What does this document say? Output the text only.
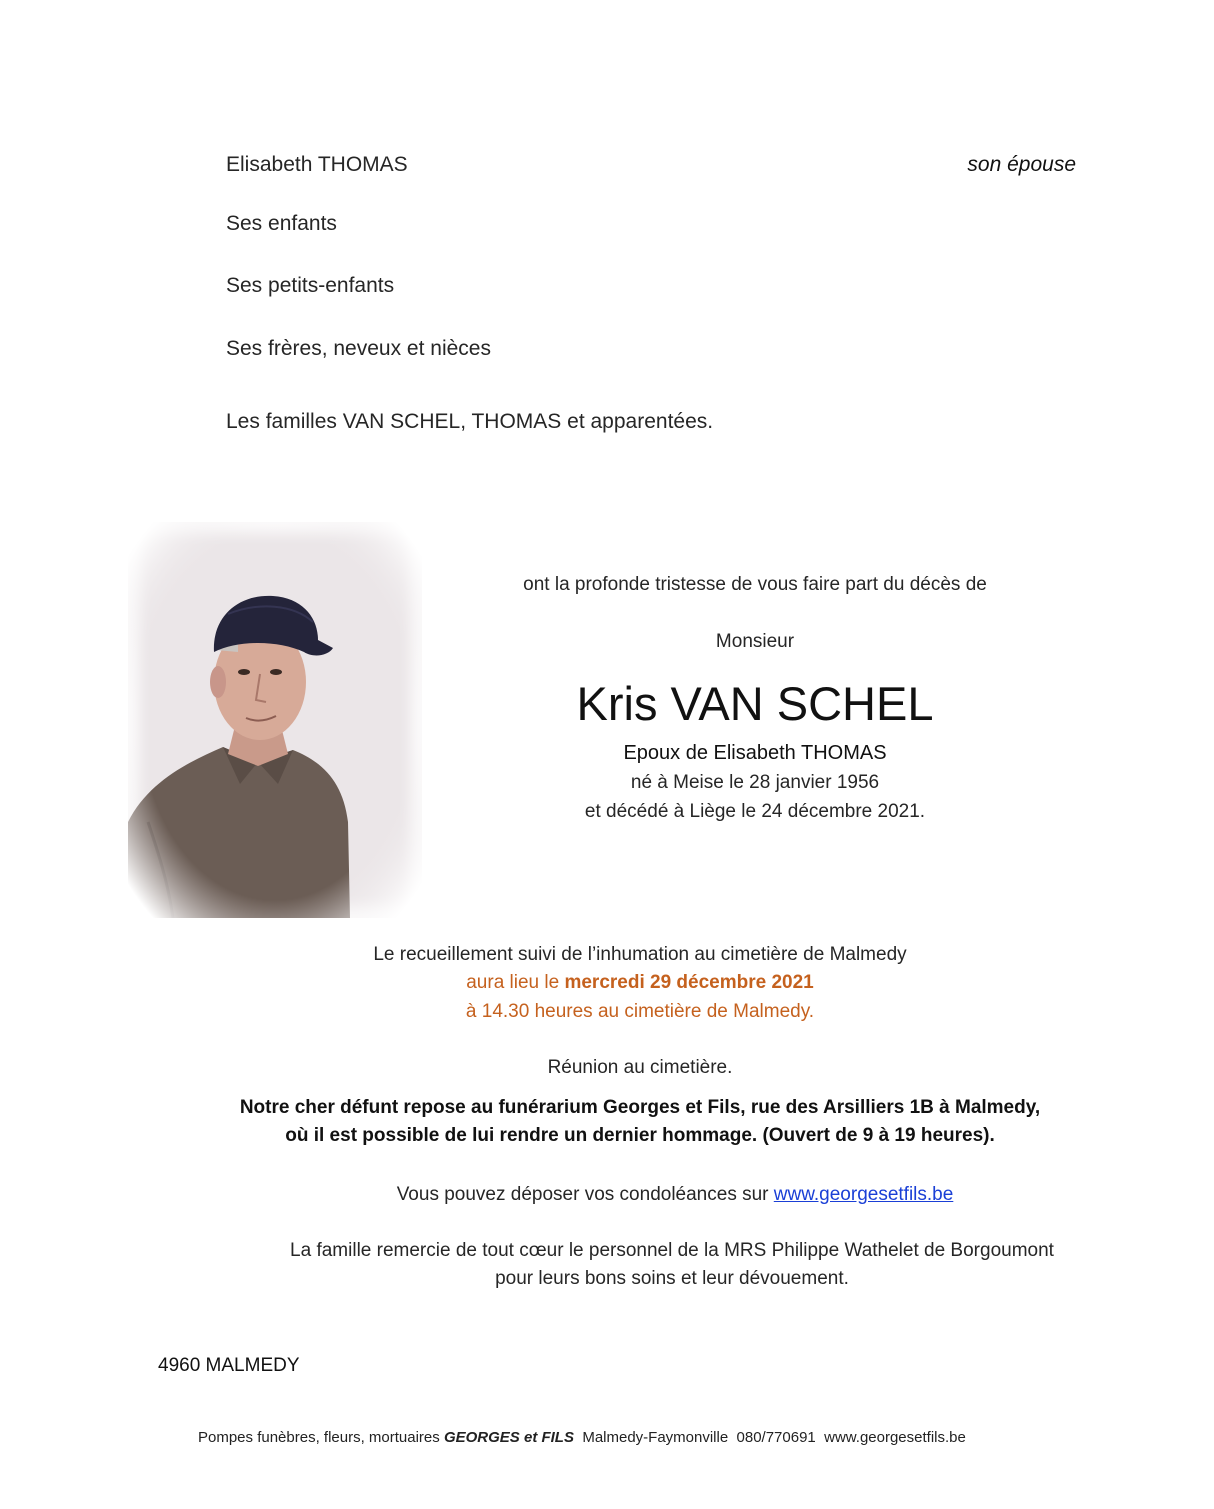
Elisabeth THOMAS	son épouse
Ses enfants
Ses petits-enfants
Ses frères, neveux et nièces
Les familles VAN SCHEL, THOMAS et apparentées.
ont la profonde tristesse de vous faire part du décès de
Monsieur
Kris VAN SCHEL
Epoux de Elisabeth THOMAS
né à Meise le 28 janvier 1956
et décédé à Liège le 24 décembre 2021.
Le recueillement suivi de l’inhumation au cimetière de Malmedy
aura lieu le mercredi 29 décembre 2021
à 14.30 heures au cimetière de Malmedy.
Réunion au cimetière.
Notre cher défunt repose au funérarium Georges et Fils, rue des Arsilliers 1B à Malmedy,
où il est possible de lui rendre un dernier hommage. (Ouvert de 9 à 19 heures).
Vous pouvez déposer vos condoléances sur www.georgesetfils.be
La famille remercie de tout cœur le personnel de la MRS Philippe Wathelet de Borgoumont
pour leurs bons soins et leur dévouement.
4960 MALMEDY
Pompes funèbres, fleurs, mortuaires GEORGES et FILS  Malmedy-Faymonville  080/770691  www.georgesetfils.be
